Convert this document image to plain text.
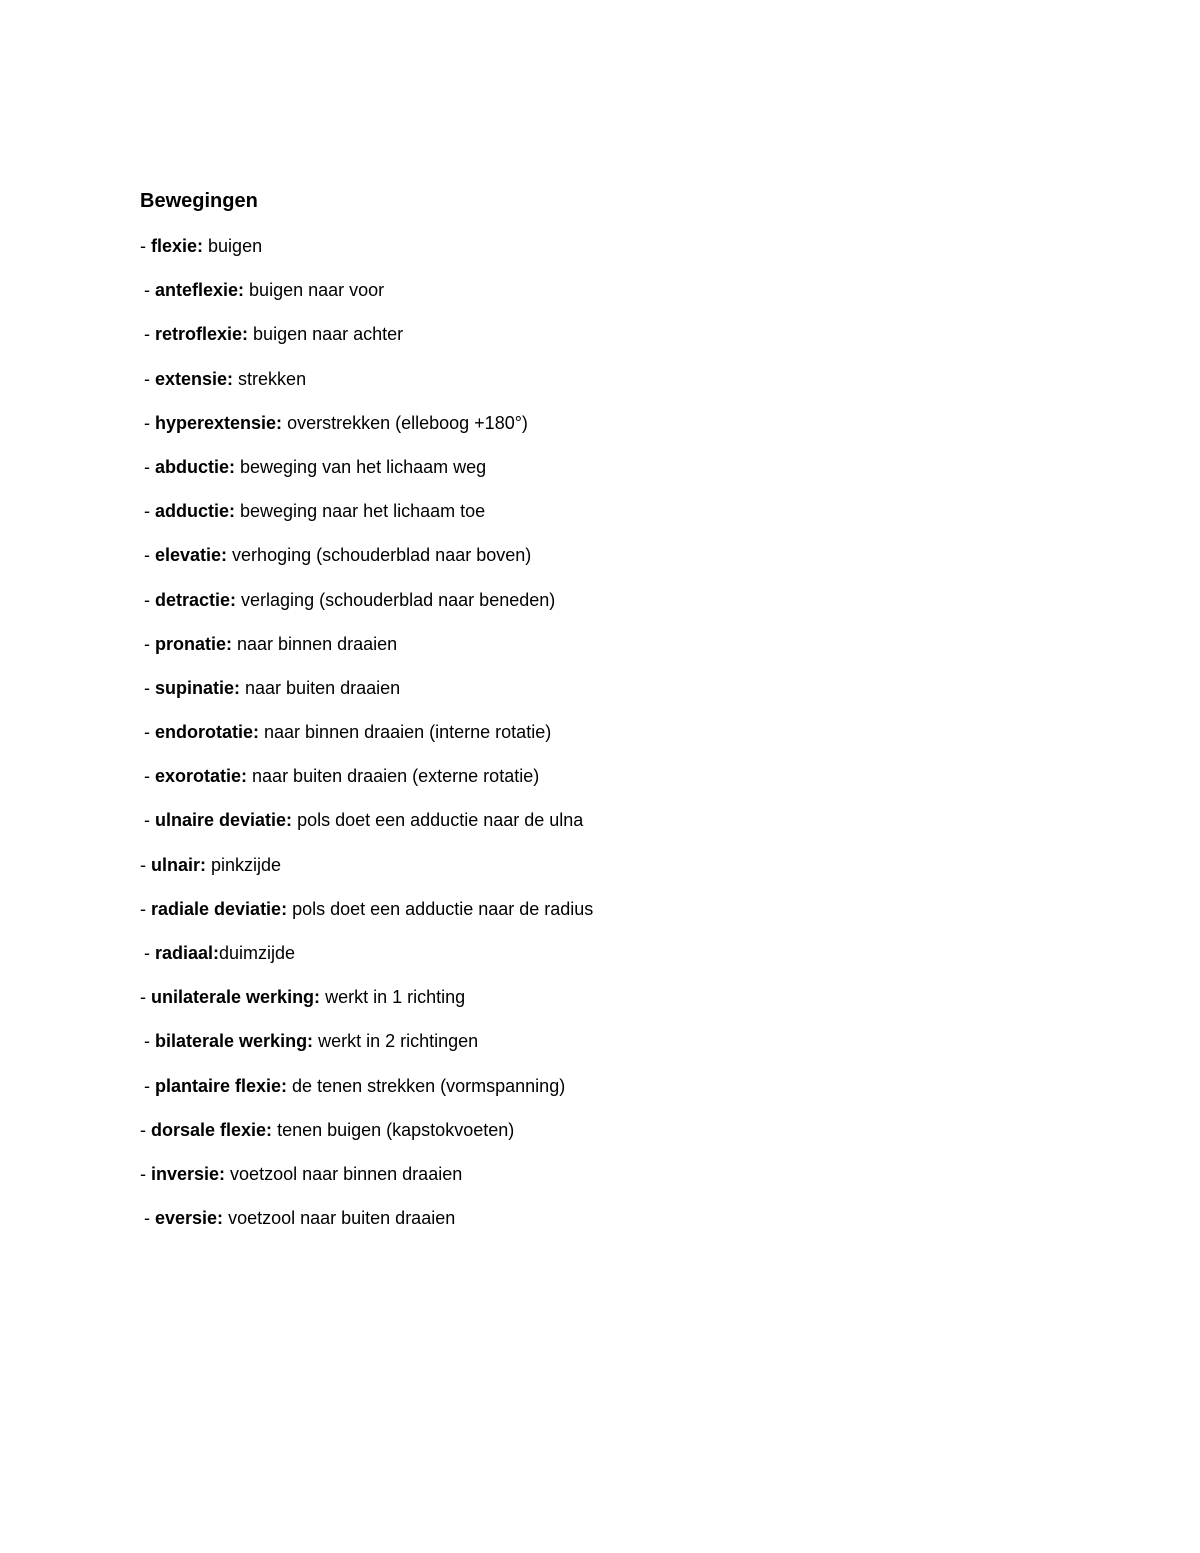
Bewegingen
- flexie: buigen
- anteflexie: buigen naar voor
- retroflexie: buigen naar achter
- extensie: strekken
- hyperextensie: overstrekken (elleboog +180°)
- abductie: beweging van het lichaam weg
- adductie: beweging naar het lichaam toe
- elevatie: verhoging (schouderblad naar boven)
- detractie: verlaging (schouderblad naar beneden)
- pronatie: naar binnen draaien
- supinatie: naar buiten draaien
- endorotatie: naar binnen draaien (interne rotatie)
- exorotatie: naar buiten draaien (externe rotatie)
- ulnaire deviatie: pols doet een adductie naar de ulna
- ulnair: pinkzijde
- radiale deviatie: pols doet een adductie naar de radius
- radiaal:duimzijde
- unilaterale werking: werkt in 1 richting
- bilaterale werking: werkt in 2 richtingen
- plantaire flexie: de tenen strekken (vormspanning)
- dorsale flexie: tenen buigen (kapstokvoeten)
- inversie: voetzool naar binnen draaien
- eversie: voetzool naar buiten draaien
